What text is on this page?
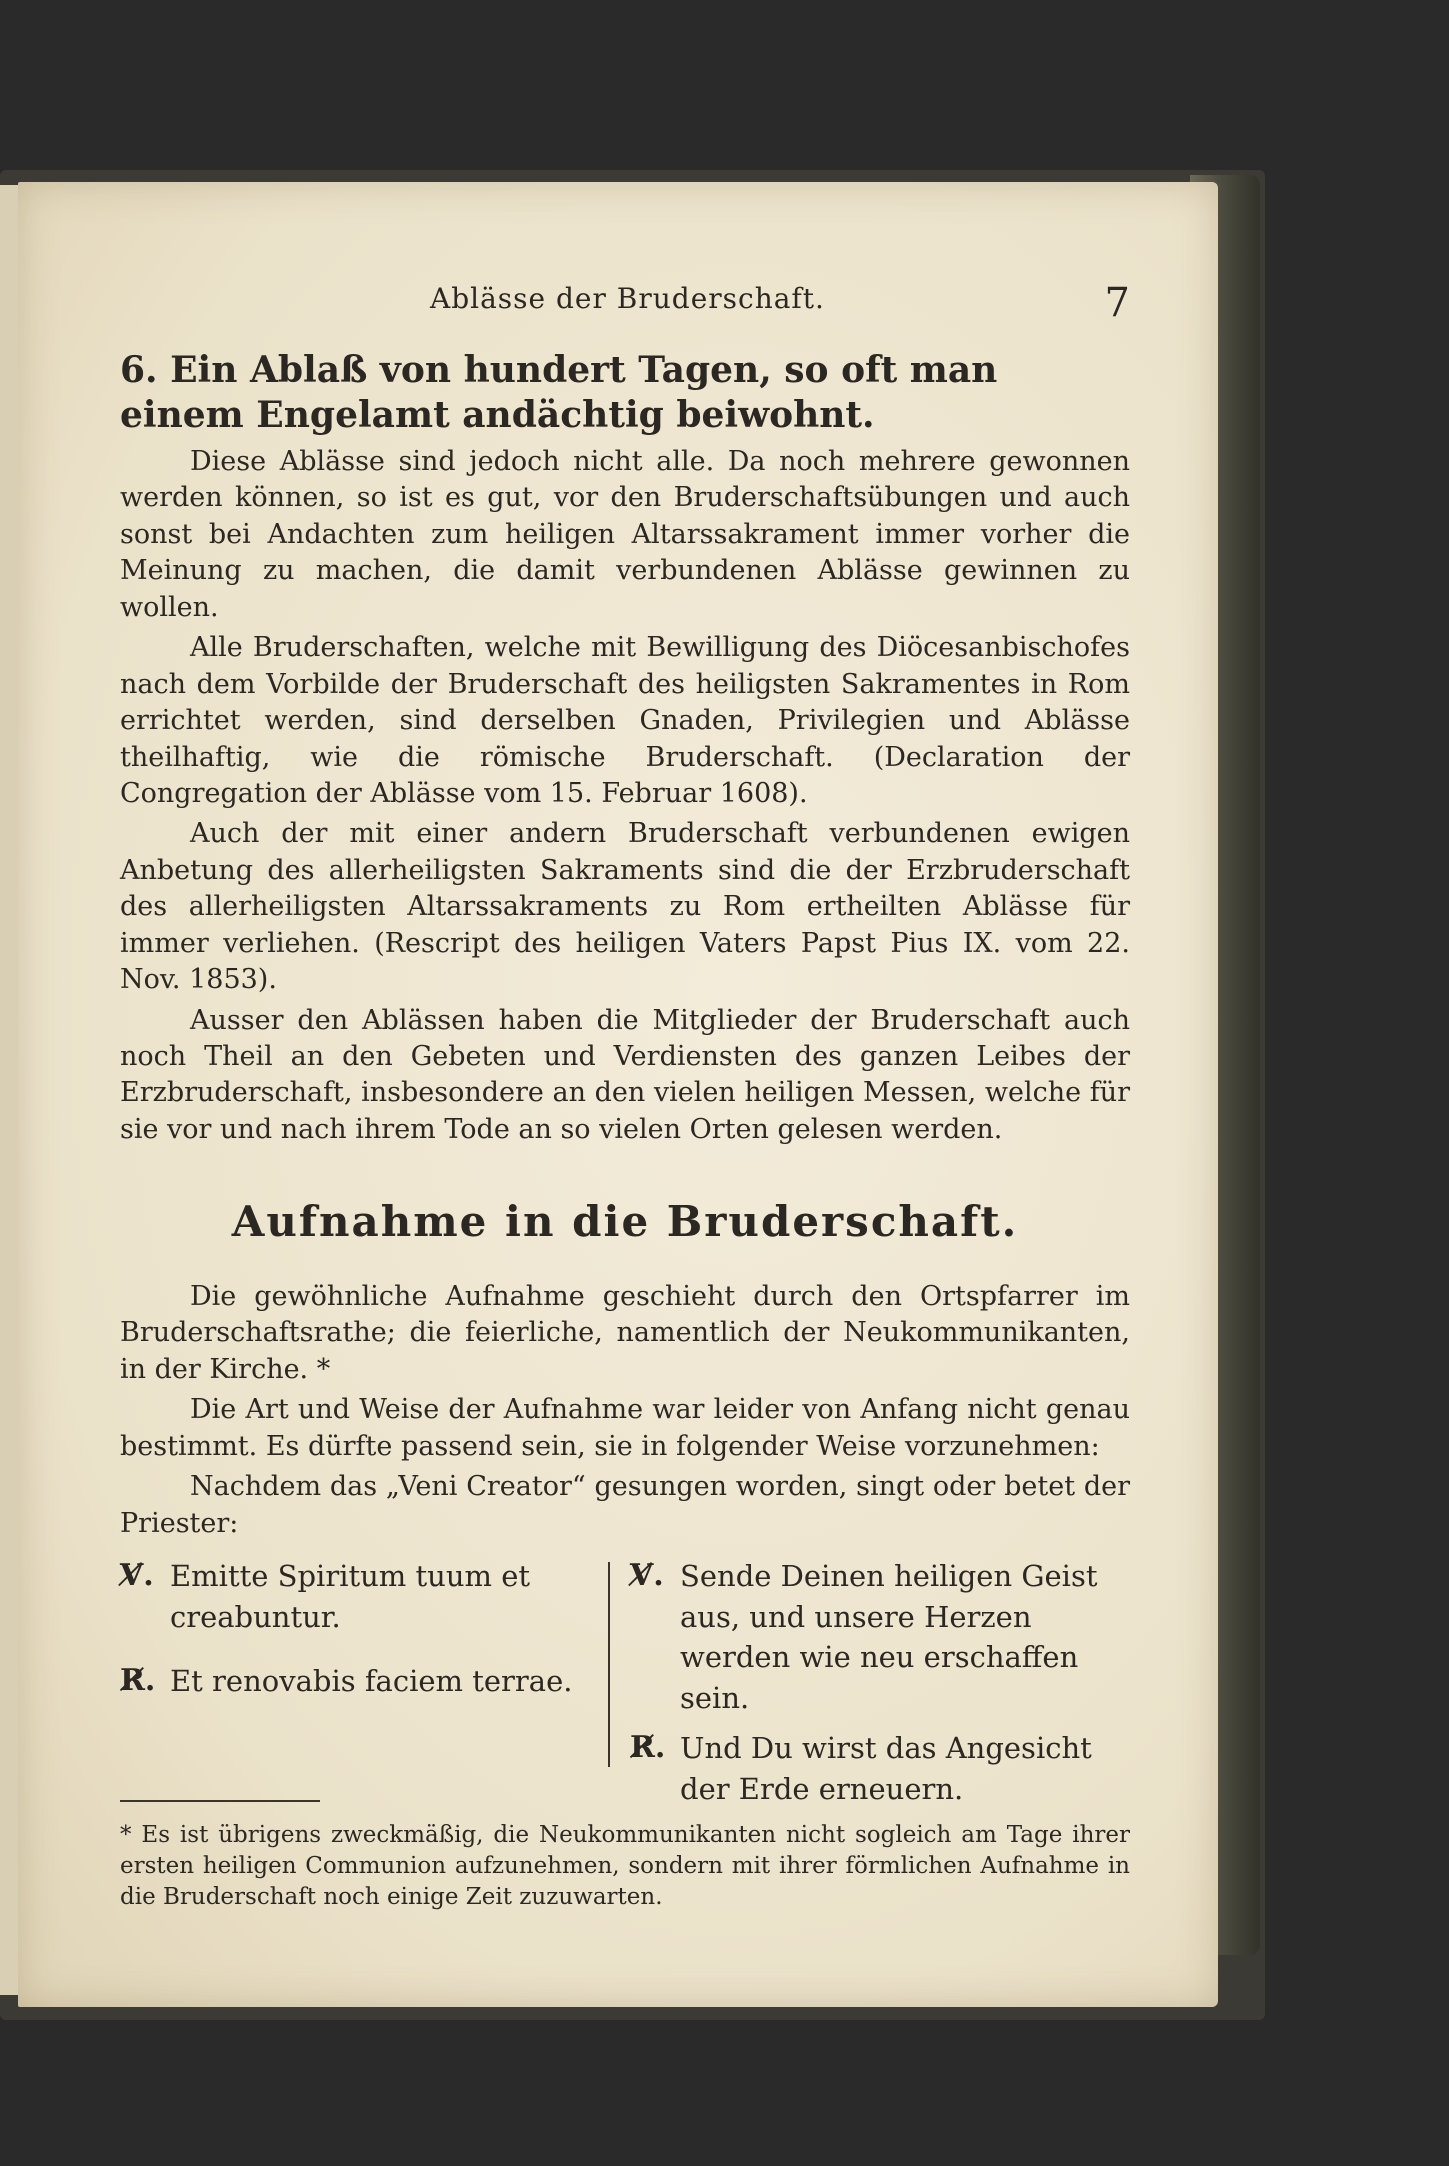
Ablässe der Bruderschaft.	7
6. Ein Ablaß von hundert Tagen, so oft man einem Engelamt andächtig beiwohnt.

Diese Ablässe sind jedoch nicht alle. Da noch mehrere gewonnen werden können, so ist es gut, vor den Bruderschaftsübungen und auch sonst bei Andachten zum heiligen Altarssakrament immer vorher die Meinung zu machen, die damit verbundenen Ablässe gewinnen zu wollen.

Alle Bruderschaften, welche mit Bewilligung des Diöcesanbischofes nach dem Vorbilde der Bruderschaft des heiligsten Sakramentes in Rom errichtet werden, sind derselben Gnaden, Privilegien und Ablässe theilhaftig, wie die römische Bruderschaft. (Declaration der Congregation der Ablässe vom 15. Februar 1608).

Auch der mit einer andern Bruderschaft verbundenen ewigen Anbetung des allerheiligsten Sakraments sind die der Erzbruderschaft des allerheiligsten Altarssakraments zu Rom ertheilten Ablässe für immer verliehen. (Rescript des heiligen Vaters Papst Pius IX. vom 22. Nov. 1853).

Ausser den Ablässen haben die Mitglieder der Bruderschaft auch noch Theil an den Gebeten und Verdiensten des ganzen Leibes der Erzbruderschaft, insbesondere an den vielen heiligen Messen, welche für sie vor und nach ihrem Tode an so vielen Orten gelesen werden.

Aufnahme in die Bruderschaft.

Die gewöhnliche Aufnahme geschieht durch den Ortspfarrer im Bruderschaftsrathe; die feierliche, namentlich der Neukommunikanten, in der Kirche. *

Die Art und Weise der Aufnahme war leider von Anfang nicht genau bestimmt. Es dürfte passend sein, sie in folgender Weise vorzunehmen:

Nachdem das „Veni Creator“ gesungen worden, singt oder betet der Priester:

V̸. Emitte Spiritum tuum et creabuntur.
R̸. Et renovabis faciem terrae.
V̸. Sende Deinen heiligen Geist aus, und unsere Herzen werden wie neu erschaffen sein.
R̸. Und Du wirst das Angesicht der Erde erneuern.

* Es ist übrigens zweckmäßig, die Neukommunikanten nicht sogleich am Tage ihrer ersten heiligen Communion aufzunehmen, sondern mit ihrer förmlichen Aufnahme in die Bruderschaft noch einige Zeit zuzuwarten.
